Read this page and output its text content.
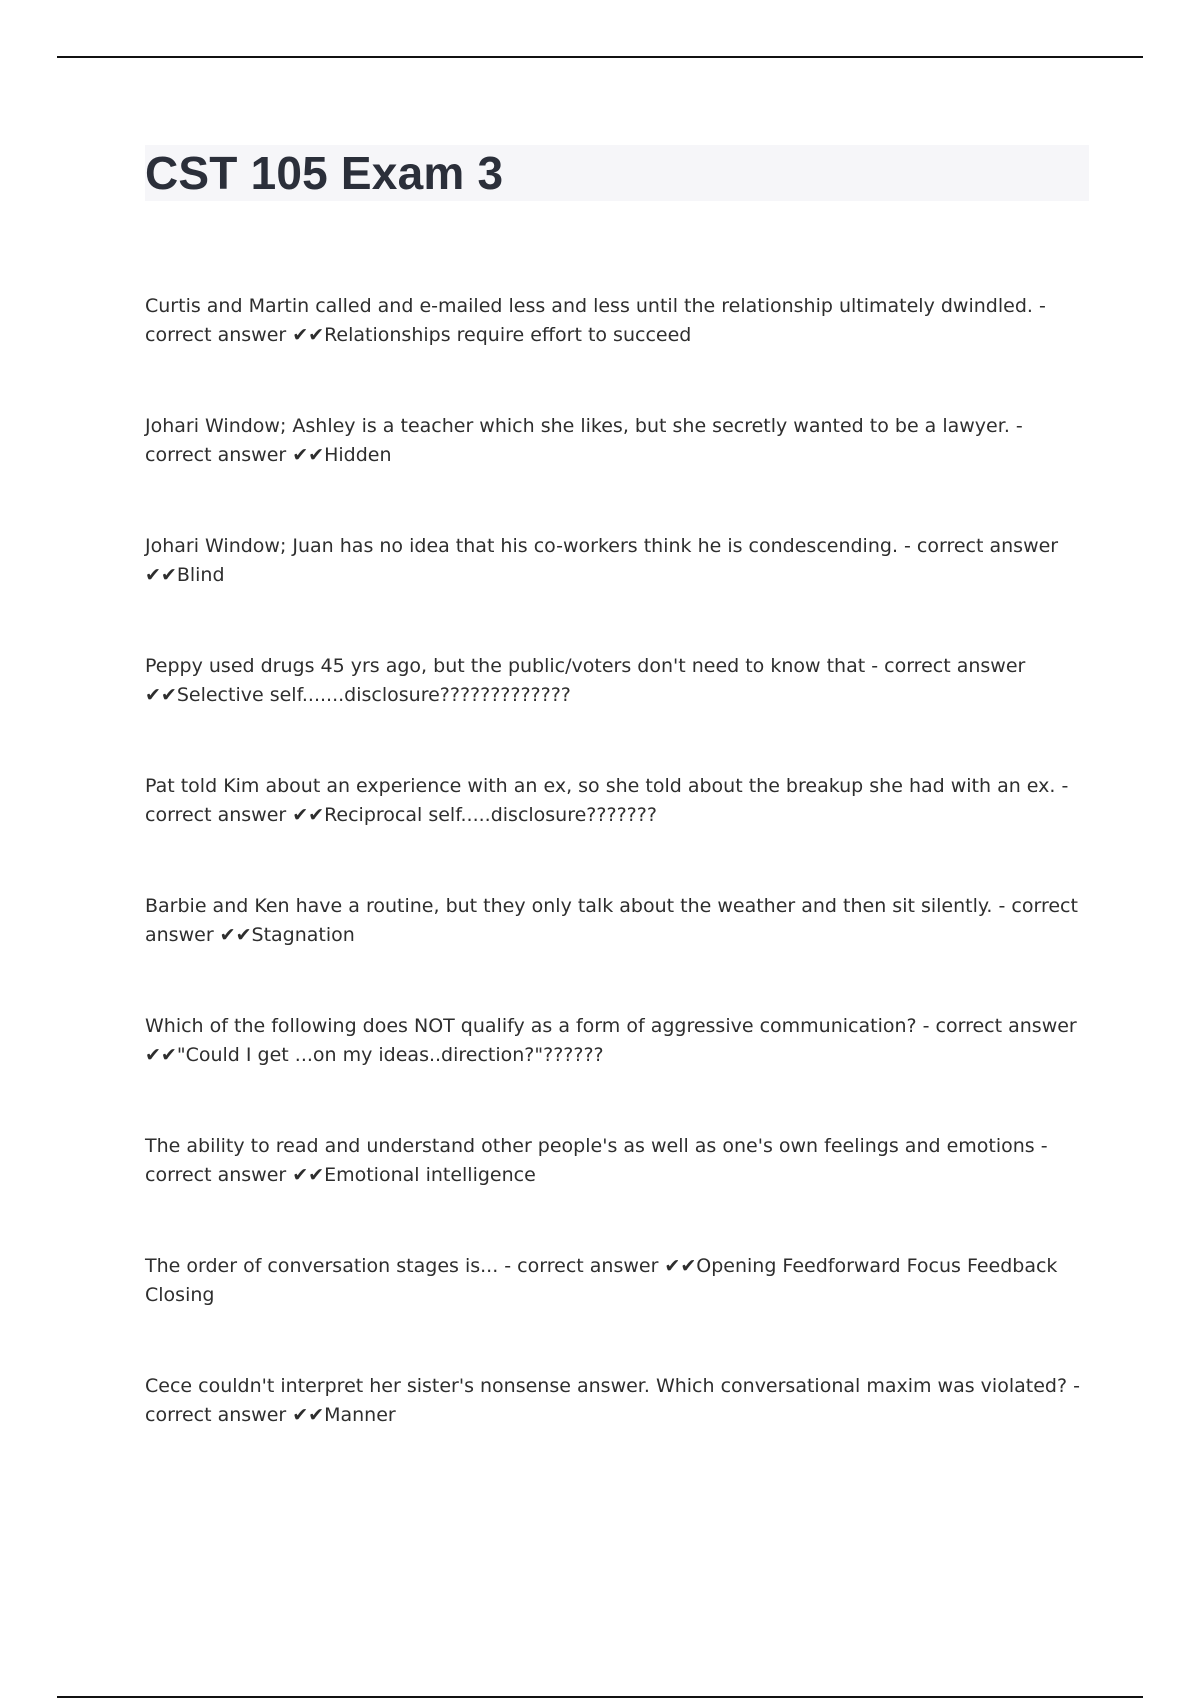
CST 105 Exam 3

Curtis and Martin called and e-mailed less and less until the relationship ultimately dwindled. - correct answer ✔✔Relationships require effort to succeed

Johari Window; Ashley is a teacher which she likes, but she secretly wanted to be a lawyer. - correct answer ✔✔Hidden

Johari Window; Juan has no idea that his co-workers think he is condescending. - correct answer ✔✔Blind

Peppy used drugs 45 yrs ago, but the public/voters don't need to know that - correct answer ✔✔Selective self.......disclosure?????????????

Pat told Kim about an experience with an ex, so she told about the breakup she had with an ex. - correct answer ✔✔Reciprocal self.....disclosure???????

Barbie and Ken have a routine, but they only talk about the weather and then sit silently. - correct answer ✔✔Stagnation

Which of the following does NOT qualify as a form of aggressive communication? - correct answer ✔✔"Could I get ...on my ideas..direction?"??????

The ability to read and understand other people's as well as one's own feelings and emotions - correct answer ✔✔Emotional intelligence

The order of conversation stages is... - correct answer ✔✔Opening Feedforward Focus Feedback Closing

Cece couldn't interpret her sister's nonsense answer. Which conversational maxim was violated? - correct answer ✔✔Manner
